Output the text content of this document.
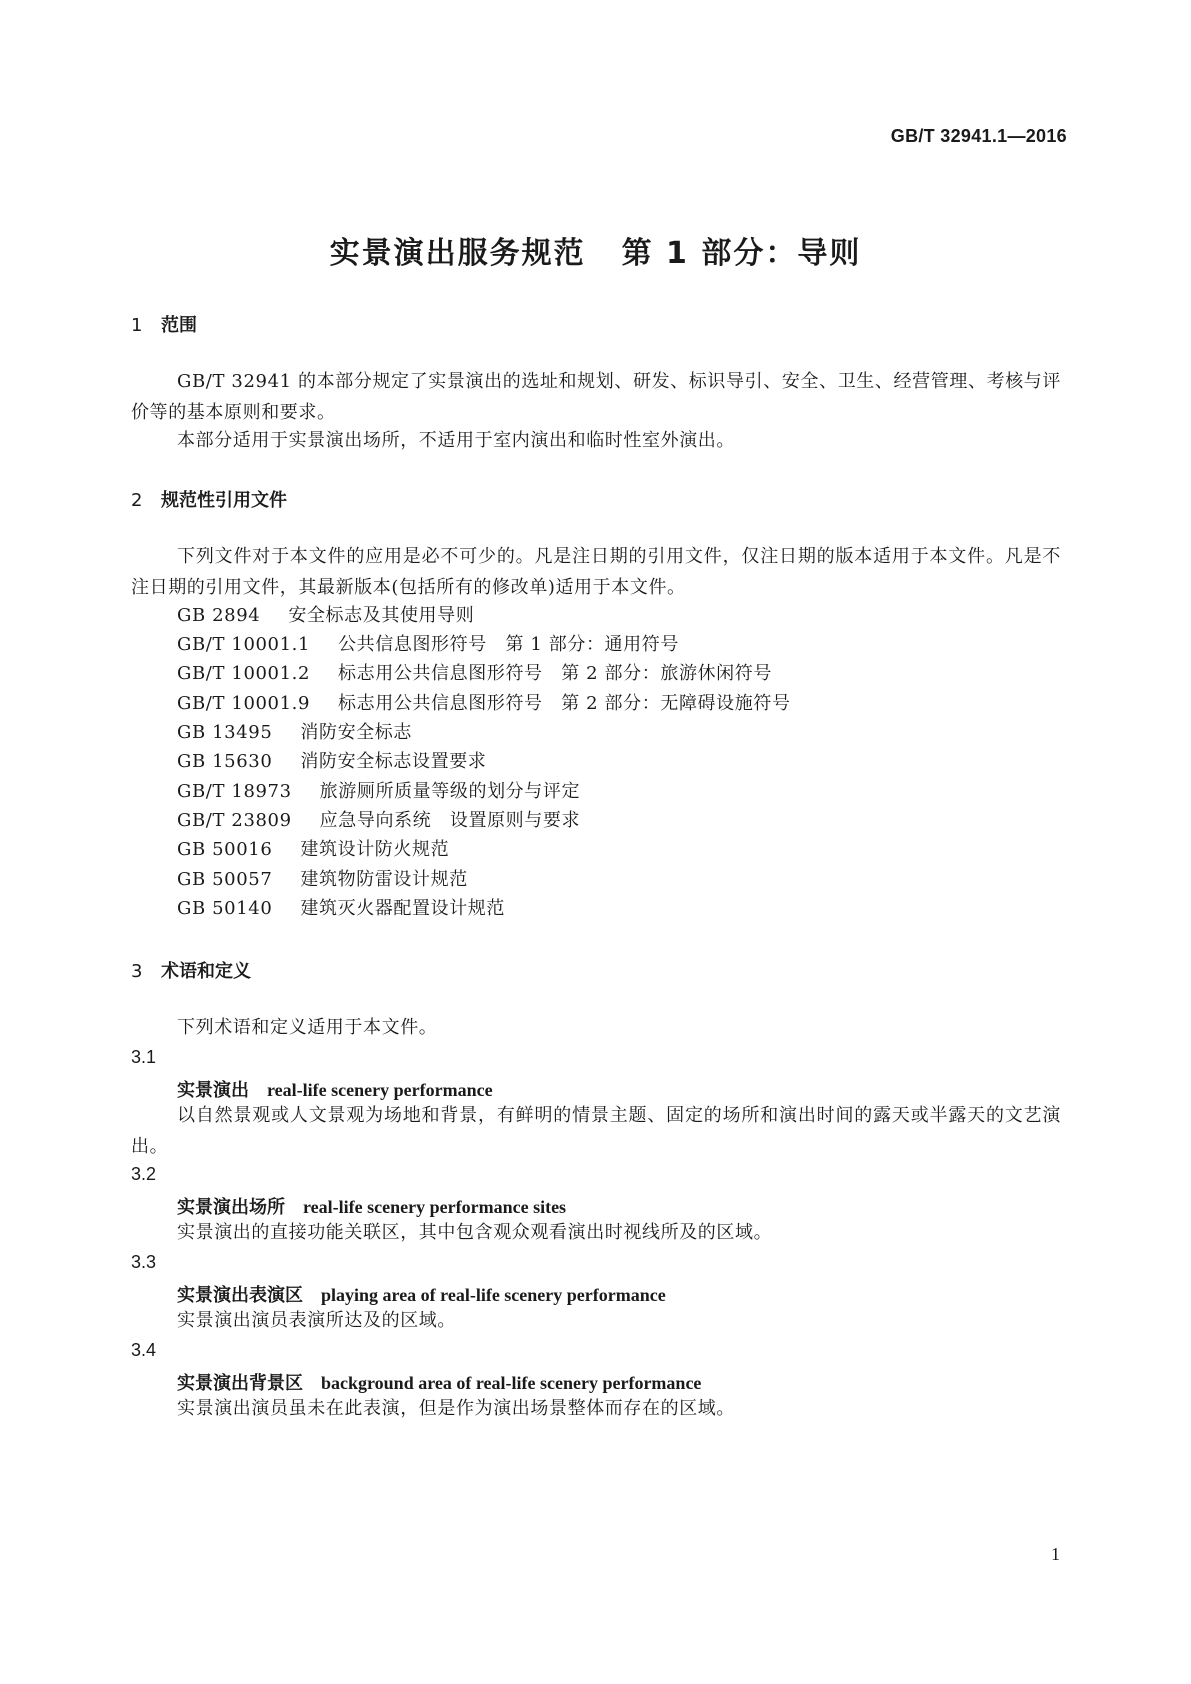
GB/T 32941.1—2016
实景演出服务规范 第 1 部分：导则
1 范围
GB/T 32941 的本部分规定了实景演出的选址和规划、研发、标识导引、安全、卫生、经营管理、考核与评价等的基本原则和要求。
本部分适用于实景演出场所，不适用于室内演出和临时性室外演出。
2 规范性引用文件
下列文件对于本文件的应用是必不可少的。凡是注日期的引用文件，仅注日期的版本适用于本文件。凡是不注日期的引用文件，其最新版本(包括所有的修改单)适用于本文件。
GB 2894 安全标志及其使用导则
GB/T 10001.1 公共信息图形符号　第 1 部分：通用符号
GB/T 10001.2 标志用公共信息图形符号　第 2 部分：旅游休闲符号
GB/T 10001.9 标志用公共信息图形符号　第 2 部分：无障碍设施符号
GB 13495 消防安全标志
GB 15630 消防安全标志设置要求
GB/T 18973 旅游厕所质量等级的划分与评定
GB/T 23809 应急导向系统　设置原则与要求
GB 50016 建筑设计防火规范
GB 50057 建筑物防雷设计规范
GB 50140 建筑灭火器配置设计规范
3 术语和定义
下列术语和定义适用于本文件。
3.1
实景演出 real-life scenery performance
以自然景观或人文景观为场地和背景，有鲜明的情景主题、固定的场所和演出时间的露天或半露天的文艺演出。
3.2
实景演出场所 real-life scenery performance sites
实景演出的直接功能关联区，其中包含观众观看演出时视线所及的区域。
3.3
实景演出表演区 playing area of real-life scenery performance
实景演出演员表演所达及的区域。
3.4
实景演出背景区 background area of real-life scenery performance
实景演出演员虽未在此表演，但是作为演出场景整体而存在的区域。
1
